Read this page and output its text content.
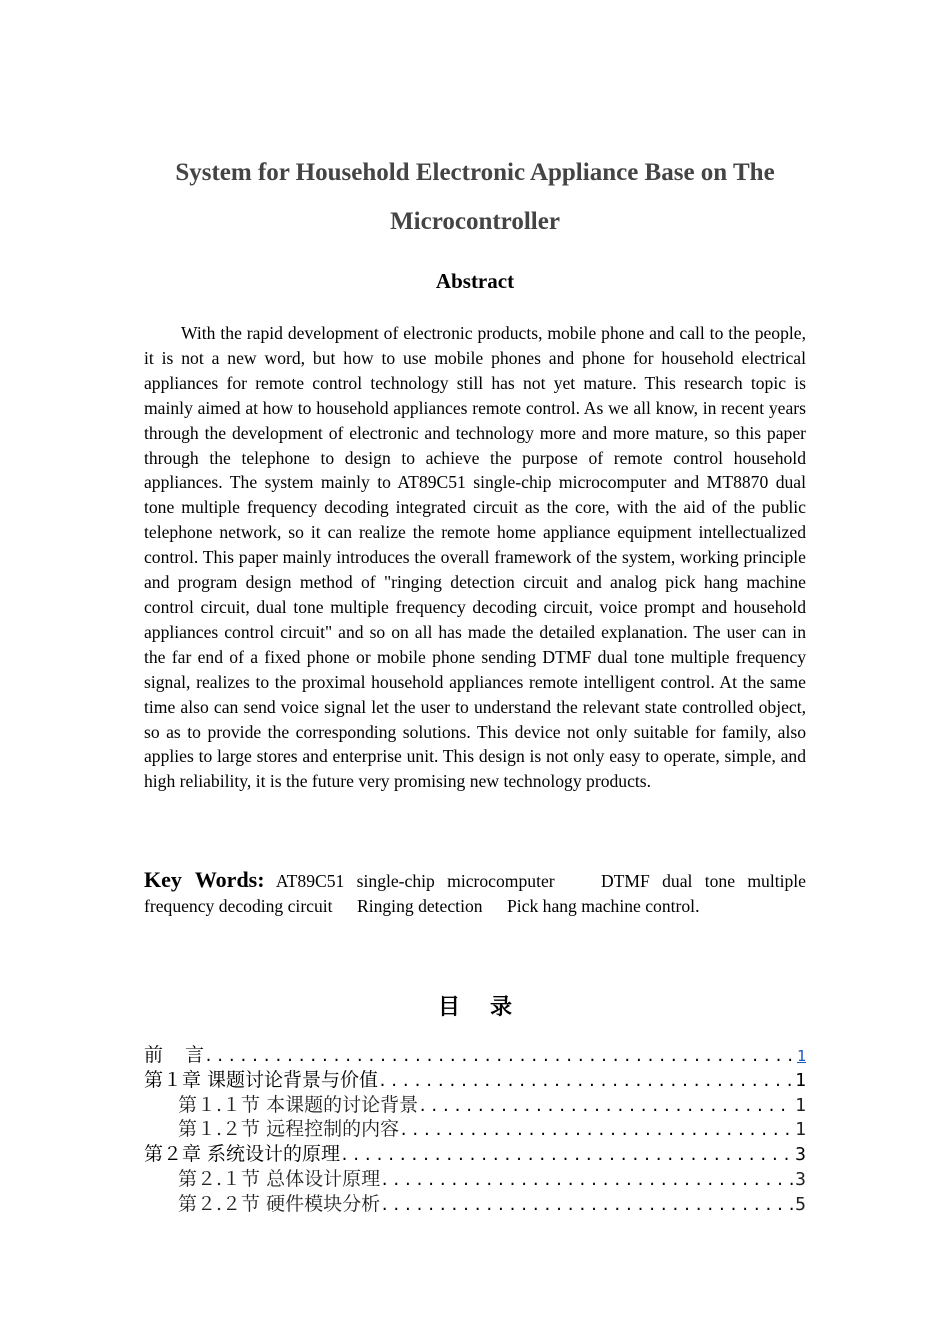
System for Household Electronic Appliance Base on The Microcontroller
Abstract

With the rapid development of electronic products, mobile phone and call to the people, it is not a new word, but how to use mobile phones and phone for household electrical appliances for remote control technology still has not yet mature. This research topic is mainly aimed at how to household appliances remote control. As we all know, in recent years through the development of electronic and technology more and more mature, so this paper through the telephone to design to achieve the purpose of remote control household appliances. The system mainly to AT89C51 single-chip microcomputer and MT8870 dual tone multiple frequency decoding integrated circuit as the core, with the aid of the public telephone network, so it can realize the remote home appliance equipment intellectualized control. This paper mainly introduces the overall framework of the system, working principle and program design method of "ringing detection circuit and analog pick hang machine control circuit, dual tone multiple frequency decoding circuit, voice prompt and household appliances control circuit" and so on all has made the detailed explanation. The user can in the far end of a fixed phone or mobile phone sending DTMF dual tone multiple frequency signal, realizes to the proximal household appliances remote intelligent control. At the same time also can send voice signal let the user to understand the relevant state controlled object, so as to provide the corresponding solutions. This device not only suitable for family, also applies to large stores and enterprise unit. This design is not only easy to operate, simple, and high reliability, it is the future very promising new technology products.

Key Words: AT89C51 single-chip microcomputer	DTMF dual tone multiple frequency decoding circuit Ringing detection Pick hang machine control.

目 录
前 言 .....	1
第１章 课题讨论背景与价值 .....	1
第１.１节 本课题的讨论背景 .....	1
第１.２节 远程控制的内容 .....	1
第２章 系统设计的原理 .....	3
第２.１节 总体设计原理 .....	3
第２.２节 硬件模块分析 .....	5
